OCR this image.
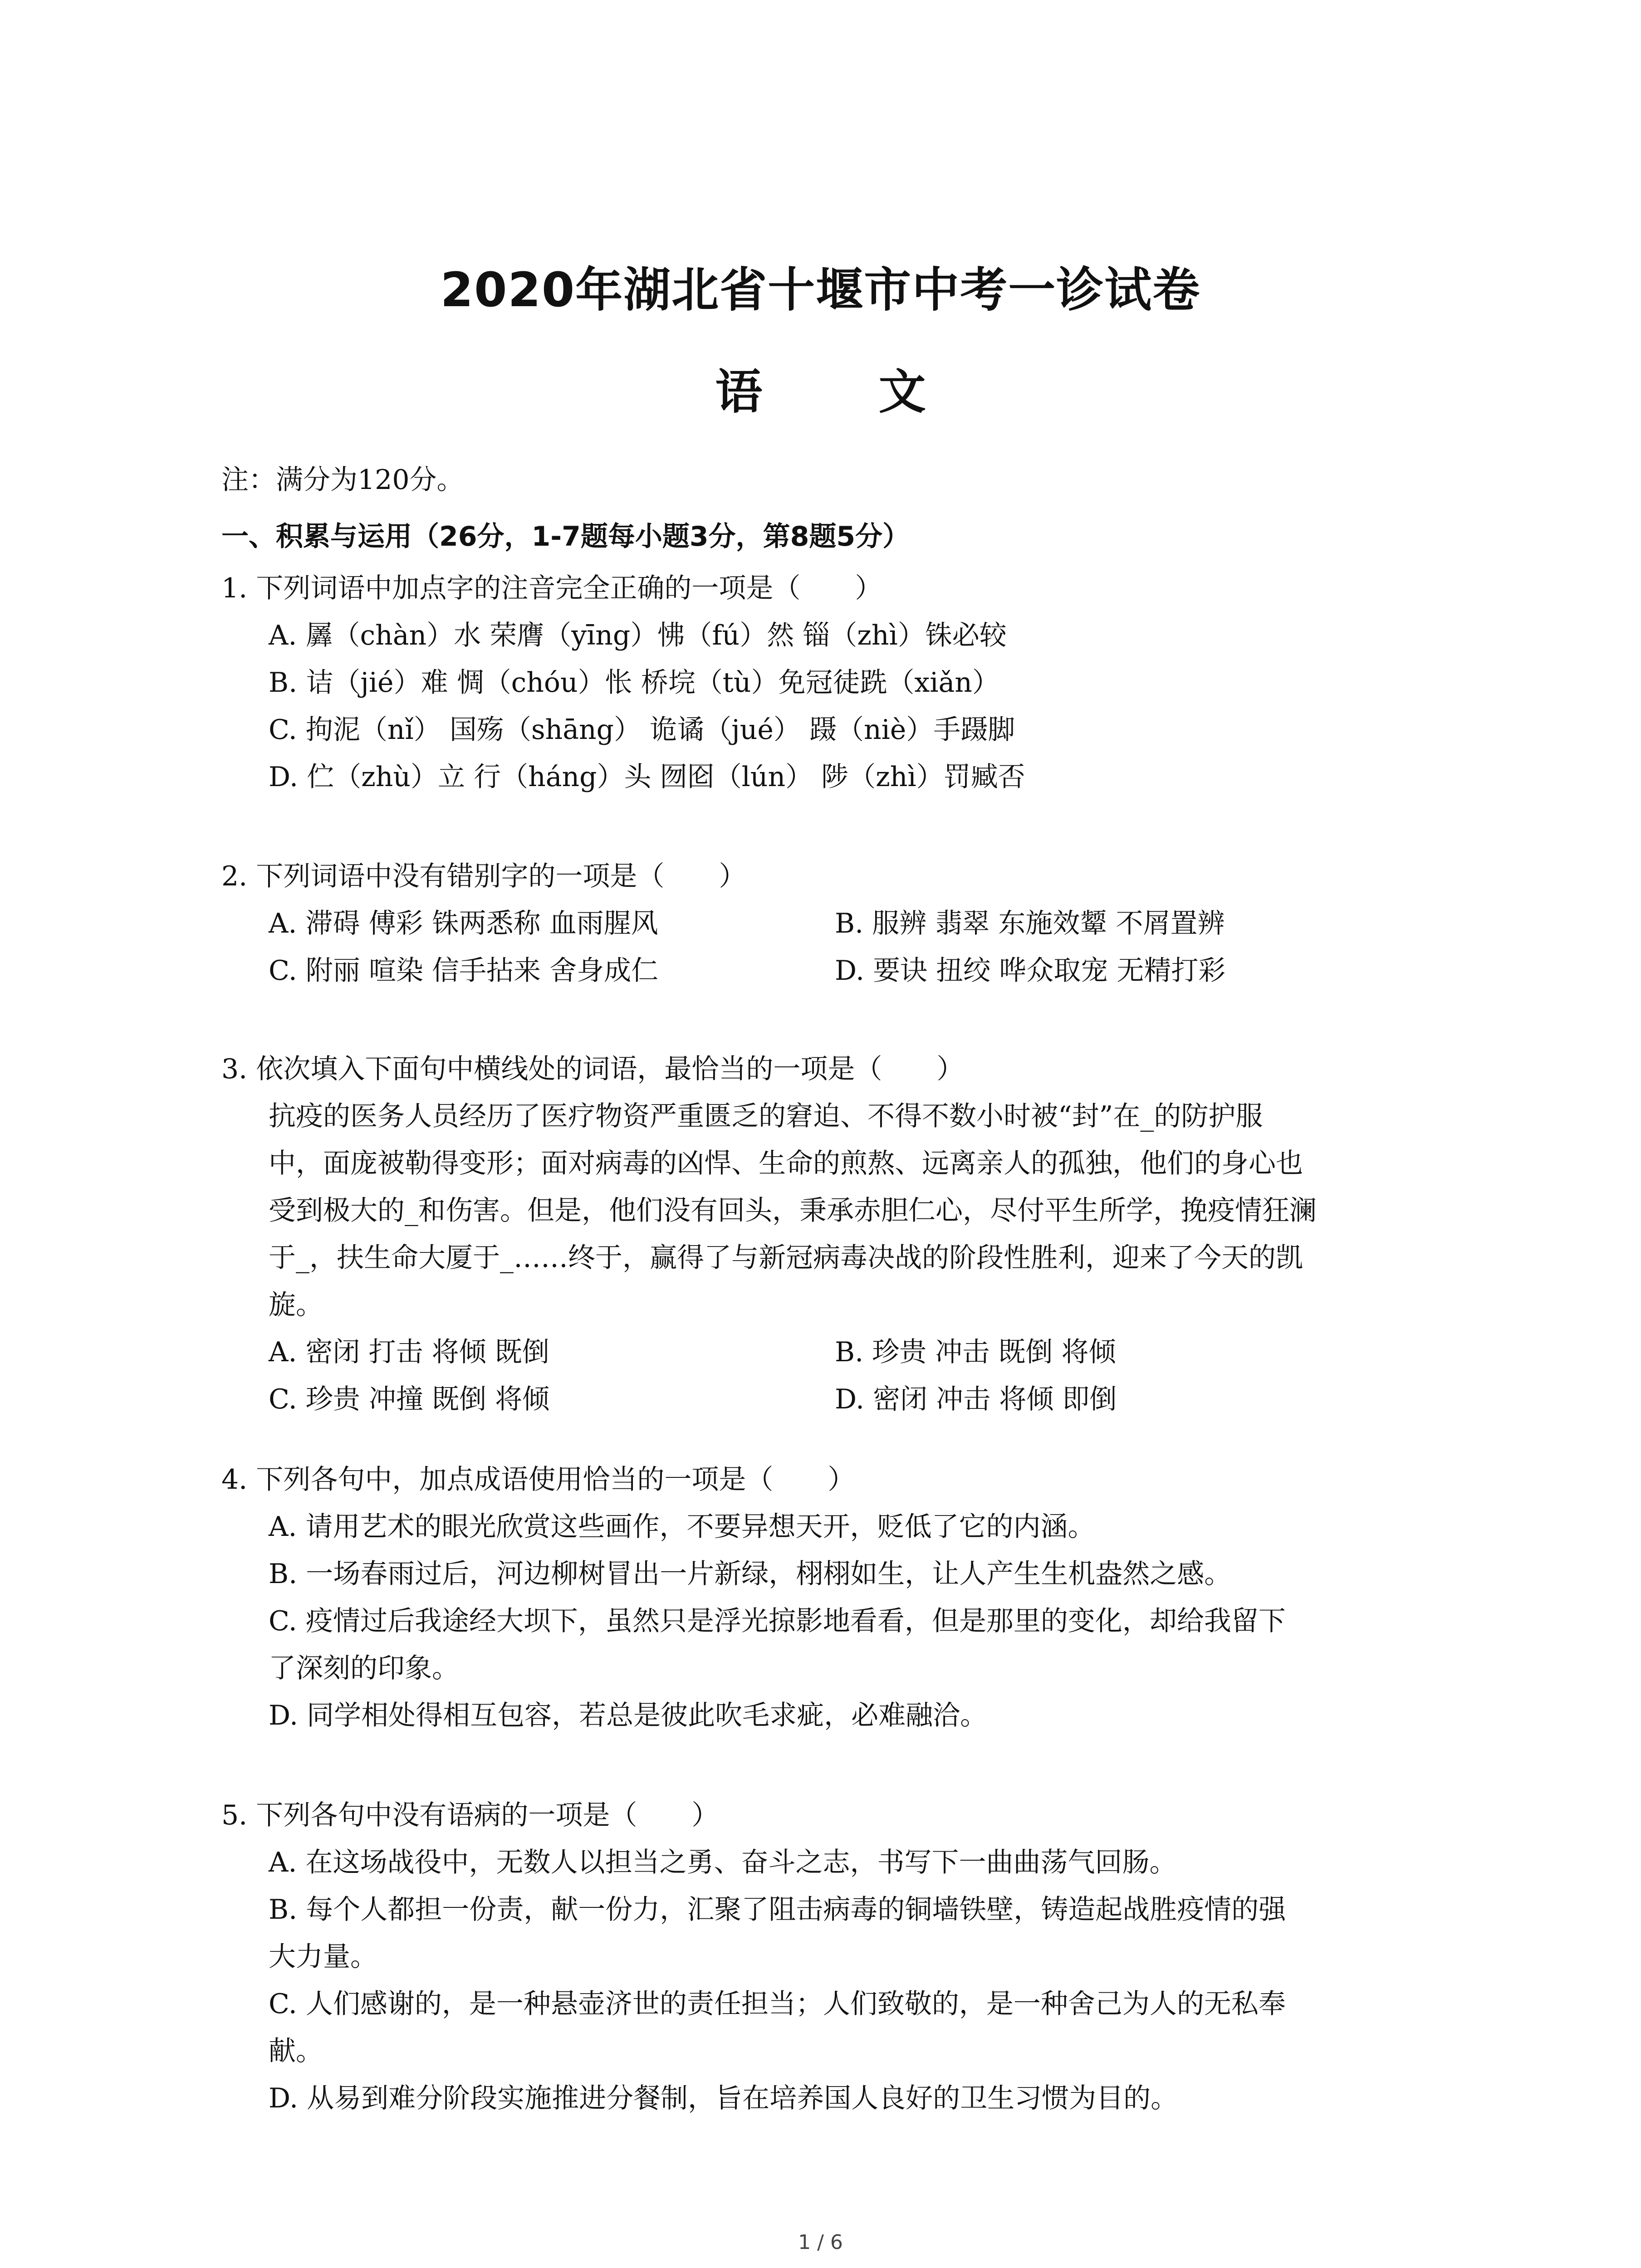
2020年湖北省十堰市中考一诊试卷
语 文
注：满分为120分。
一、积累与运用（26分，1-7题每小题3分，第8题5分）
1. 下列词语中加点字的注音完全正确的一项是（　　）
A. 羼（chàn）水 荣膺（yīng）怫（fú）然 锱（zhì）铢必较
B. 诘（jié）难 惆（chóu）怅 桥垸（tù）免冠徒跣（xiǎn）
C. 拘泥（nǐ） 国殇（shāng） 诡谲（jué） 蹑（niè）手蹑脚
D. 伫（zhù）立 行（háng）头 囫囵（lún） 陟（zhì）罚臧否
2. 下列词语中没有错别字的一项是（　　）
A. 滞碍 傅彩 铢两悉称 血雨腥风	B. 服辨 翡翠 东施效颦 不屑置辨
C. 附丽 喧染 信手拈来 舍身成仁	D. 要诀 扭绞 哗众取宠 无精打彩
3. 依次填入下面句中横线处的词语，最恰当的一项是（　　）
抗疫的医务人员经历了医疗物资严重匮乏的窘迫、不得不数小时被“封”在_的防护服
中，面庞被勒得变形；面对病毒的凶悍、生命的煎熬、远离亲人的孤独，他们的身心也
受到极大的_和伤害。但是，他们没有回头，秉承赤胆仁心，尽付平生所学，挽疫情狂澜
于_，扶生命大厦于_……终于，赢得了与新冠病毒决战的阶段性胜利，迎来了今天的凯
旋。
A. 密闭 打击 将倾 既倒	B. 珍贵 冲击 既倒 将倾
C. 珍贵 冲撞 既倒 将倾	D. 密闭 冲击 将倾 即倒
4. 下列各句中，加点成语使用恰当的一项是（　　）
A. 请用艺术的眼光欣赏这些画作，不要异想天开，贬低了它的内涵。
B. 一场春雨过后，河边柳树冒出一片新绿，栩栩如生，让人产生生机盎然之感。
C. 疫情过后我途经大坝下，虽然只是浮光掠影地看看，但是那里的变化，却给我留下
了深刻的印象。
D. 同学相处得相互包容，若总是彼此吹毛求疵，必难融洽。
5. 下列各句中没有语病的一项是（　　）
A. 在这场战役中，无数人以担当之勇、奋斗之志，书写下一曲曲荡气回肠。
B. 每个人都担一份责，献一份力，汇聚了阻击病毒的铜墙铁壁，铸造起战胜疫情的强
大力量。
C. 人们感谢的，是一种悬壶济世的责任担当；人们致敬的，是一种舍己为人的无私奉
献。
D. 从易到难分阶段实施推进分餐制，旨在培养国人良好的卫生习惯为目的。
1 / 6
